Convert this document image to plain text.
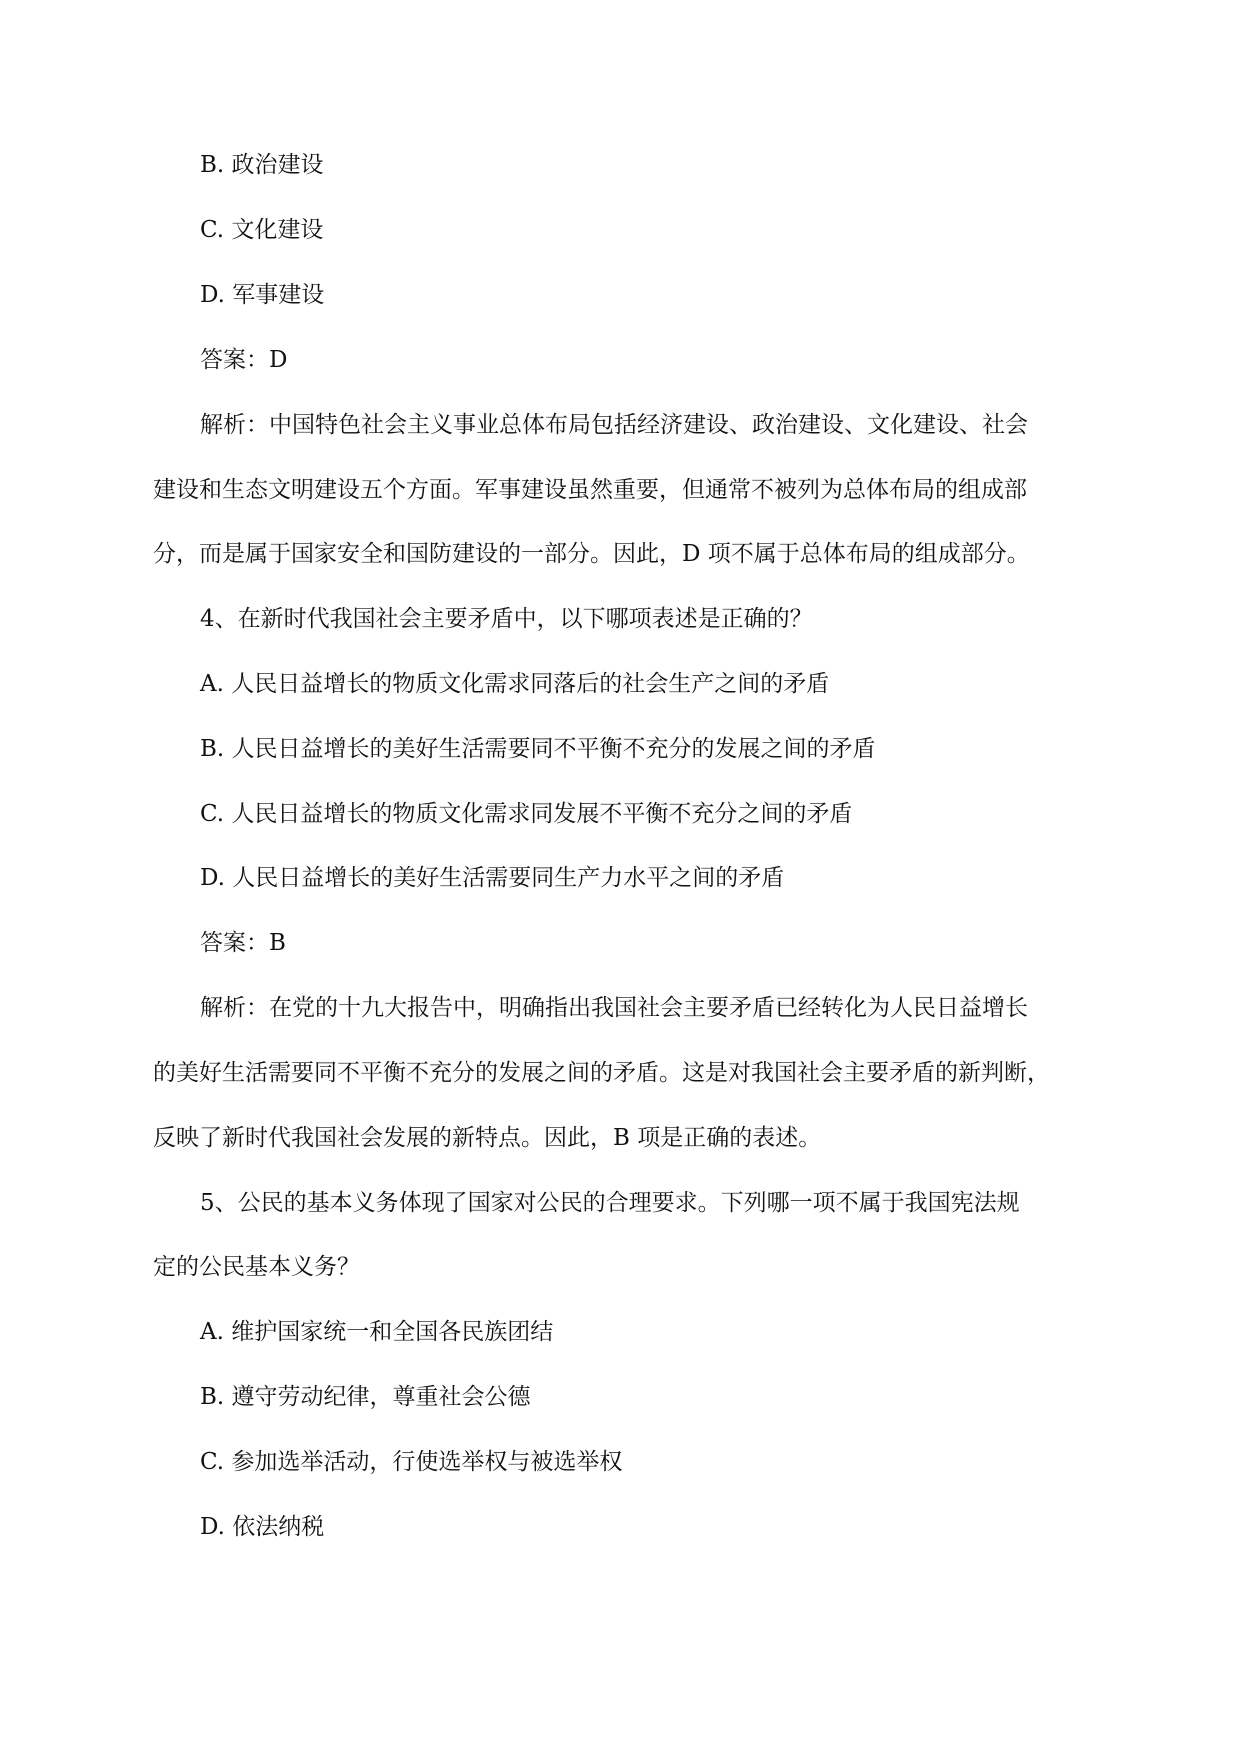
B. 政治建设
C. 文化建设
D. 军事建设
答案：D
解析：中国特色社会主义事业总体布局包括经济建设、政治建设、文化建设、社会
建设和生态文明建设五个方面。军事建设虽然重要，但通常不被列为总体布局的组成部
分，而是属于国家安全和国防建设的一部分。因此，D 项不属于总体布局的组成部分。
4、在新时代我国社会主要矛盾中，以下哪项表述是正确的？
A. 人民日益增长的物质文化需求同落后的社会生产之间的矛盾
B. 人民日益增长的美好生活需要同不平衡不充分的发展之间的矛盾
C. 人民日益增长的物质文化需求同发展不平衡不充分之间的矛盾
D. 人民日益增长的美好生活需要同生产力水平之间的矛盾
答案：B
解析：在党的十九大报告中，明确指出我国社会主要矛盾已经转化为人民日益增长
的美好生活需要同不平衡不充分的发展之间的矛盾。这是对我国社会主要矛盾的新判断，
反映了新时代我国社会发展的新特点。因此，B 项是正确的表述。
5、公民的基本义务体现了国家对公民的合理要求。下列哪一项不属于我国宪法规
定的公民基本义务？
A. 维护国家统一和全国各民族团结
B. 遵守劳动纪律，尊重社会公德
C. 参加选举活动，行使选举权与被选举权
D. 依法纳税
